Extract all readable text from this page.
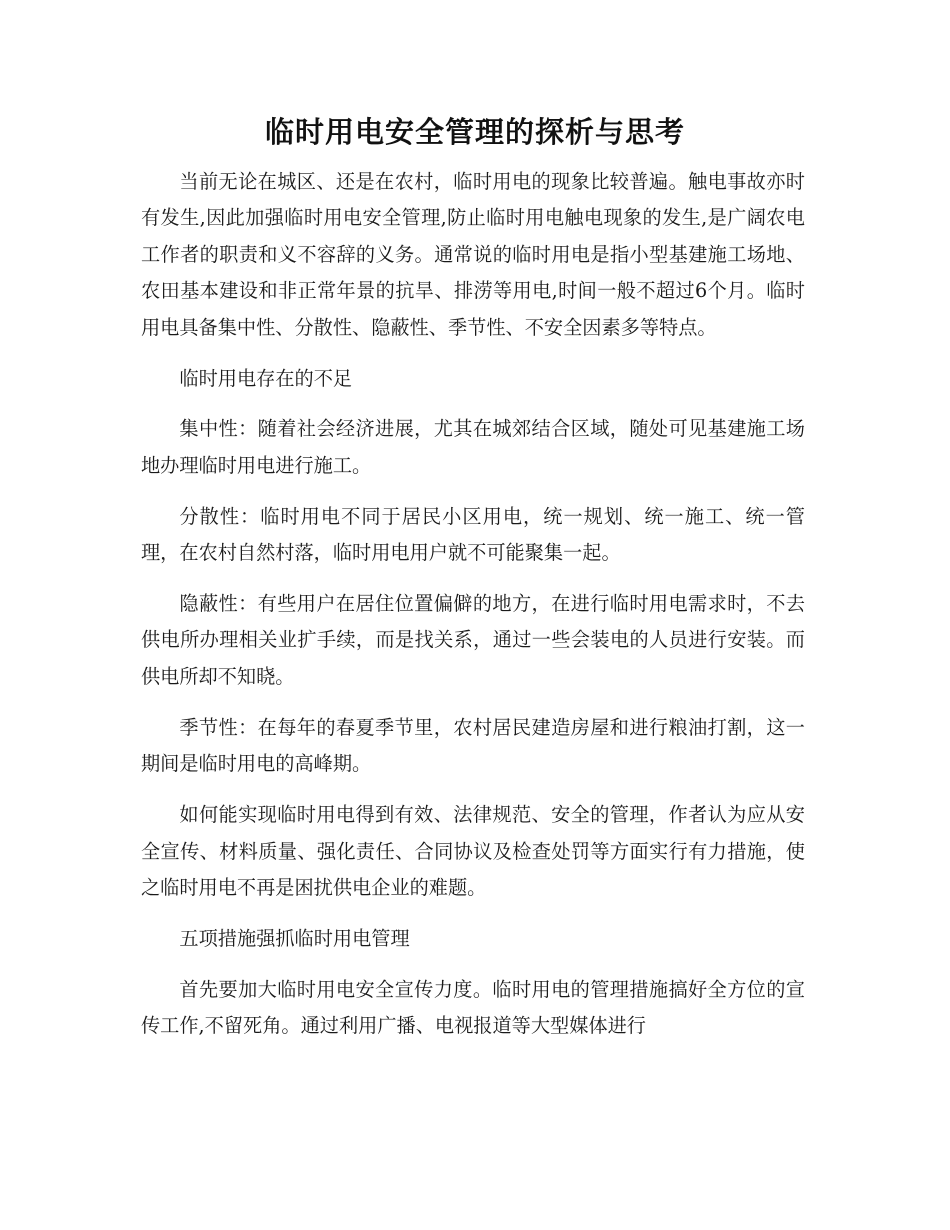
临时用电安全管理的探析与思考

当前无论在城区、还是在农村，临时用电的现象比较普遍。触电事故亦时有发生,因此加强临时用电安全管理,防止临时用电触电现象的发生,是广阔农电工作者的职责和义不容辞的义务。通常说的临时用电是指小型基建施工场地、农田基本建设和非正常年景的抗旱、排涝等用电,时间一般不超过6个月。临时用电具备集中性、分散性、隐蔽性、季节性、不安全因素多等特点。

临时用电存在的不足

集中性：随着社会经济进展，尤其在城郊结合区域，随处可见基建施工场地办理临时用电进行施工。

分散性：临时用电不同于居民小区用电，统一规划、统一施工、统一管理，在农村自然村落，临时用电用户就不可能聚集一起。

隐蔽性：有些用户在居住位置偏僻的地方，在进行临时用电需求时，不去供电所办理相关业扩手续，而是找关系，通过一些会装电的人员进行安装。而供电所却不知晓。

季节性：在每年的春夏季节里，农村居民建造房屋和进行粮油打割，这一期间是临时用电的高峰期。

如何能实现临时用电得到有效、法律规范、安全的管理，作者认为应从安全宣传、材料质量、强化责任、合同协议及检查处罚等方面实行有力措施，使之临时用电不再是困扰供电企业的难题。

五项措施强抓临时用电管理

首先要加大临时用电安全宣传力度。临时用电的管理措施搞好全方位的宣传工作,不留死角。通过利用广播、电视报道等大型媒体进行
